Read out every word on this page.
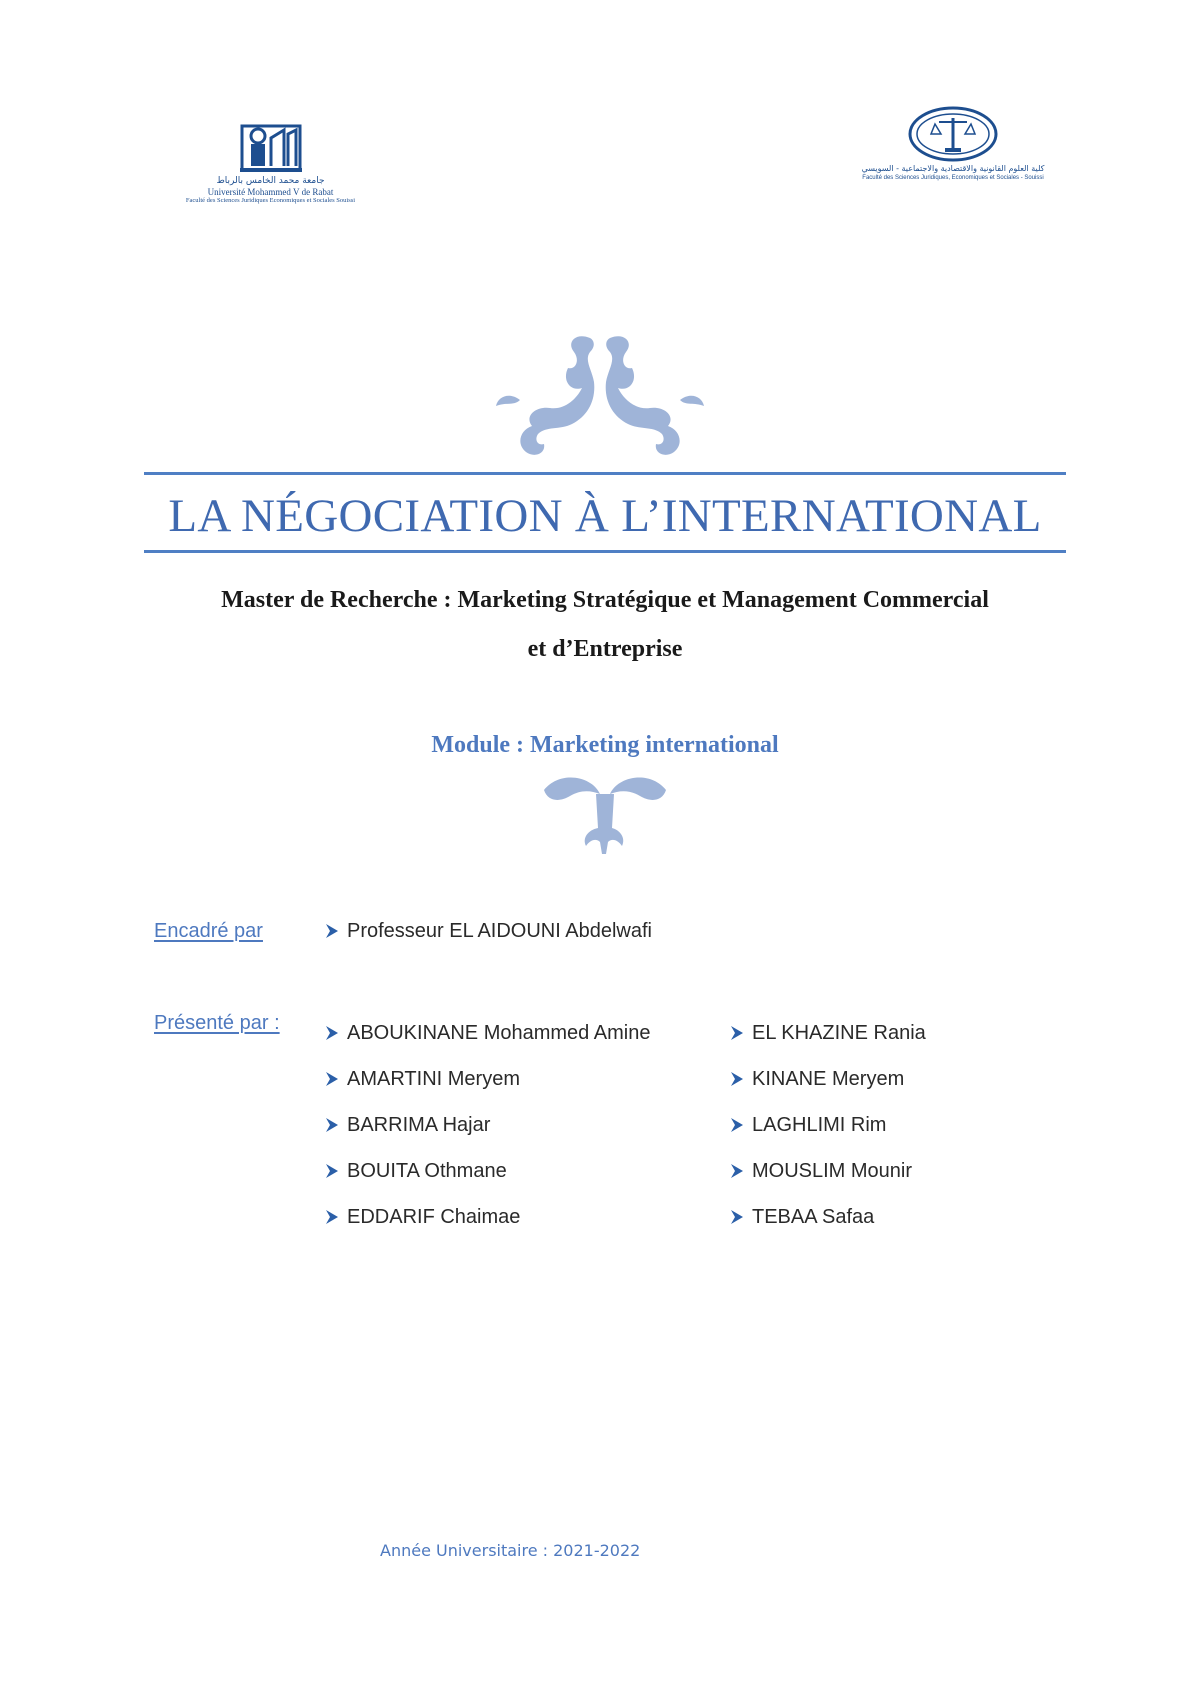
جامعة محمد الخامس بالرباط
Université Mohammed V de Rabat
Faculté des Sciences Juridiques Economiques et Sociales Souissi
كلية العلوم القانونية والاقتصادية والاجتماعية - السويسي
Faculté des Sciences Juridiques, Economiques et Sociales - Souissi
LA NÉGOCIATION À L’INTERNATIONAL
Master de Recherche : Marketing Stratégique et Management Commercial
et d’Entreprise
Module : Marketing international
Encadré par	Professeur EL AIDOUNI Abdelwafi
Présenté par :	ABOUKINANE Mohammed Amine
AMARTINI Meryem
BARRIMA Hajar
BOUITA Othmane
EDDARIF Chaimae
EL KHAZINE Rania
KINANE Meryem
LAGHLIMI Rim
MOUSLIM Mounir
TEBAA Safaa
Année Universitaire : 2021-2022
